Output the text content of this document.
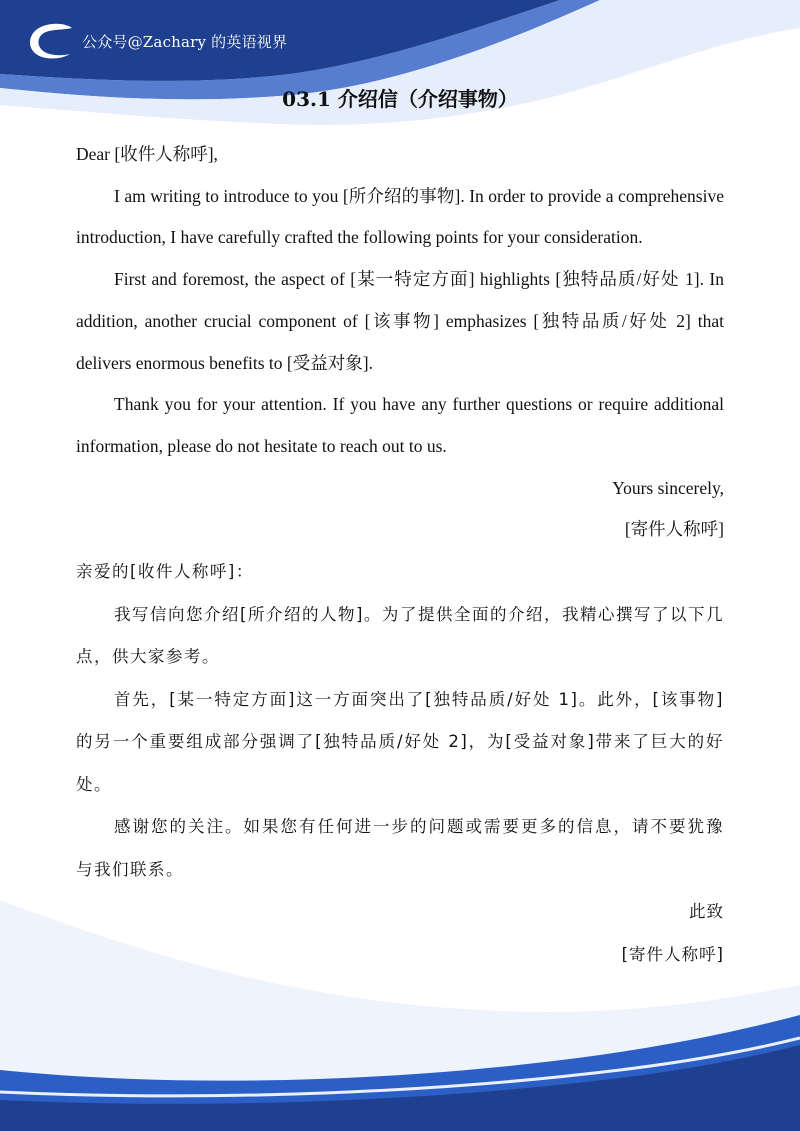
公众号@Zachary 的英语视界
03.1 介绍信（介绍事物）

Dear [收件人称呼],

I am writing to introduce to you [所介绍的事物]. In order to provide a comprehensive introduction, I have carefully crafted the following points for your consideration.

First and foremost, the aspect of [某一特定方面] highlights [独特品质/好处 1]. In addition, another crucial component of [该事物] emphasizes [独特品质/好处 2] that delivers enormous benefits to [受益对象].

Thank you for your attention. If you have any further questions or require additional information, please do not hesitate to reach out to us.

Yours sincerely,

[寄件人称呼]

亲爱的[收件人称呼]：

我写信向您介绍[所介绍的人物]。为了提供全面的介绍，我精心撰写了以下几点，供大家参考。

首先，[某一特定方面]这一方面突出了[独特品质/好处 1]。此外，[该事物]的另一个重要组成部分强调了[独特品质/好处 2]，为[受益对象]带来了巨大的好处。

感谢您的关注。如果您有任何进一步的问题或需要更多的信息，请不要犹豫与我们联系。

此致

[寄件人称呼]
